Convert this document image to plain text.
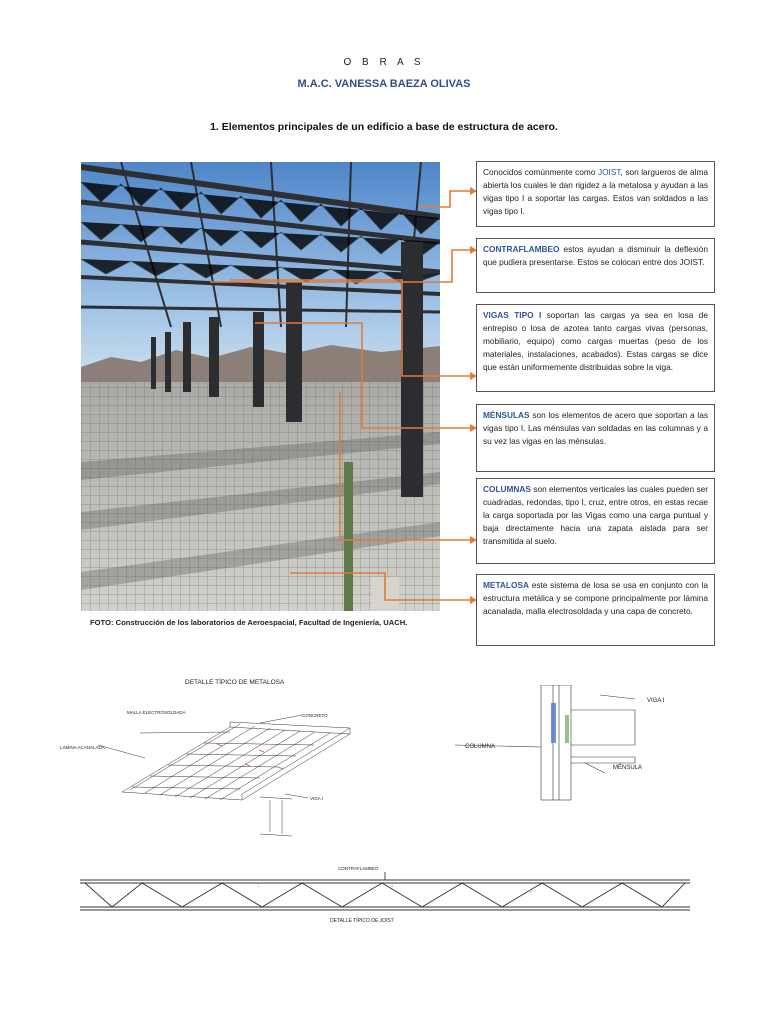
O B R A S
M.A.C. VANESSA BAEZA OLIVAS
1. Elementos principales de un edificio a base de estructura de acero.
FOTO: Construcción de los laboratorios de Aeroespacial, Facultad de Ingeniería, UACH.
Conocidos comúnmente como JOIST, son largueros de alma abierta los cuales le dan rigidez a la metalosa y ayudan a las vigas tipo I a soportar las cargas. Estos van soldados a las vigas tipo I.
CONTRAFLAMBEO estos ayudan a disminuir la deflexión que pudiera presentarse. Estos se colocan entre dos JOIST.
VIGAS TIPO I soportan las cargas ya sea en losa de entrepiso o losa de azotea tanto cargas vivas (personas, mobiliario, equipo) como cargas muertas (peso de los materiales, instalaciones, acabados). Estas cargas se dice que están uniformemente distribuidas sobre la viga.
MÉNSULAS son los elementos de acero que soportan a las vigas tipo I. Las ménsulas van soldadas en las columnas y a su vez las vigas en las ménsulas.
COLUMNAS son elementos verticales las cuales pueden ser cuadradas, redondas, tipo I, cruz, entre otros, en estas recae la carga soportada por las Vigas como una carga puntual y baja directamente hacia una zapata aislada para ser transmitida al suelo.
METALOSA este sistema de losa se usa en conjunto con la estructura metálica y se compone principalmente por lámina acanalada, malla electrosoldada y una capa de concreto.
DETALLE TÍPICO DE METALOSA
MALLA ELECTROSOLDADA
CONCRETO
LÁMINA ACANALADA
VIGA I
VIGA I
COLUMNA
MÉNSULA
CONTRAFLAMBEO
'	'
'
DETALLE TÍPICO DE JOIST
